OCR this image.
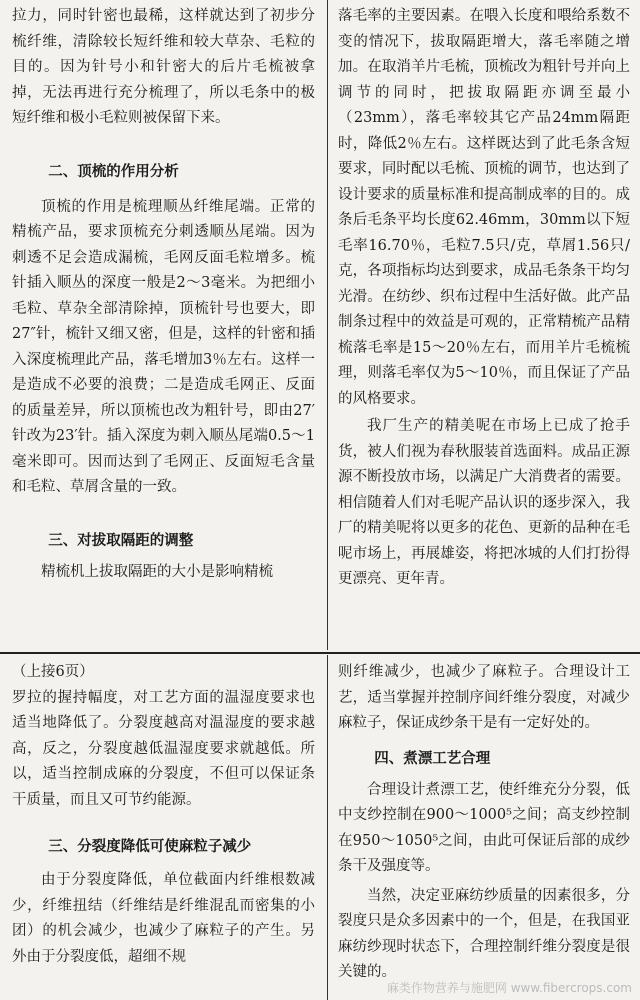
拉力，同时针密也最稀，这样就达到了初步分梳纤维，清除较长短纤维和较大草杂、毛粒的目的。因为针号小和针密大的后片毛梳被拿掉，无法再进行充分梳理了，所以毛条中的极短纤维和极小毛粒则被保留下来。

二、顶梳的作用分析

顶梳的作用是梳理顺丛纤维尾端。正常的精梳产品，要求顶梳充分刺透顺丛尾端。因为刺透不足会造成漏梳，毛网反面毛粒增多。梳针插入顺丛的深度一般是2～3毫米。为把细小毛粒、草杂全部清除掉，顶梳针号也要大，即27″针，梳针又细又密，但是，这样的针密和插入深度梳理此产品，落毛增加3％左右。这样一是造成不必要的浪费；二是造成毛网正、反面的质量差异，所以顶梳也改为粗针号，即由27′针改为23′针。插入深度为刺入顺丛尾端0.5～1毫米即可。因而达到了毛网正、反面短毛含量和毛粒、草屑含量的一致。

三、对拔取隔距的调整

精梳机上拔取隔距的大小是影响精梳

落毛率的主要因素。在喂入长度和喂给系数不变的情况下，拔取隔距增大，落毛率随之增加。在取消羊片毛梳，顶梳改为粗针号并向上调节的同时，把拔取隔距亦调至最小（23mm），落毛率较其它产品24mm隔距时，降低2％左右。这样既达到了此毛条含短要求，同时配以毛梳、顶梳的调节，也达到了设计要求的质量标准和提高制成率的目的。成条后毛条平均长度62.46mm，30mm以下短毛率16.70％，毛粒7.5只/克，草屑1.56只/克，各项指标均达到要求，成品毛条条干均匀光滑。在纺纱、织布过程中生活好做。此产品制条过程中的效益是可观的，正常精梳产品精梳落毛率是15～20％左右，而用羊片毛梳梳理，则落毛率仅为5～10％，而且保证了产品的风格要求。

我厂生产的精美呢在市场上已成了抢手货，被人们视为春秋服装首选面料。成品正源源不断投放市场，以满足广大消费者的需要。相信随着人们对毛呢产品认识的逐步深入，我厂的精美呢将以更多的花色、更新的品种在毛呢市场上，再展雄姿，将把冰城的人们打扮得更漂亮、更年青。

（上接6页）

罗拉的握持幅度，对工艺方面的温湿度要求也适当地降低了。分裂度越高对温湿度的要求越高，反之，分裂度越低温湿度要求就越低。所以，适当控制成麻的分裂度，不但可以保证条干质量，而且又可节约能源。

三、分裂度降低可使麻粒子减少

由于分裂度降低，单位截面内纤维根数减少，纤维扭结（纤维结是纤维混乱而密集的小团）的机会减少，也减少了麻粒子的产生。另外由于分裂度低，超细不规

则纤维减少，也减少了麻粒子。合理设计工艺，适当掌握并控制序间纤维分裂度，对减少麻粒子，保证成纱条干是有一定好处的。

四、煮漂工艺合理

合理设计煮漂工艺，使纤维充分分裂，低中支纱控制在900～1000⁵之间；高支纱控制在950～1050⁵之间，由此可保证后部的成纱条干及强度等。

当然，决定亚麻纺纱质量的因素很多，分裂度只是众多因素中的一个，但是，在我国亚麻纺纱现时状态下，合理控制纤维分裂度是很关键的。

麻类作物营养与施肥网 www.fibercrops.com
